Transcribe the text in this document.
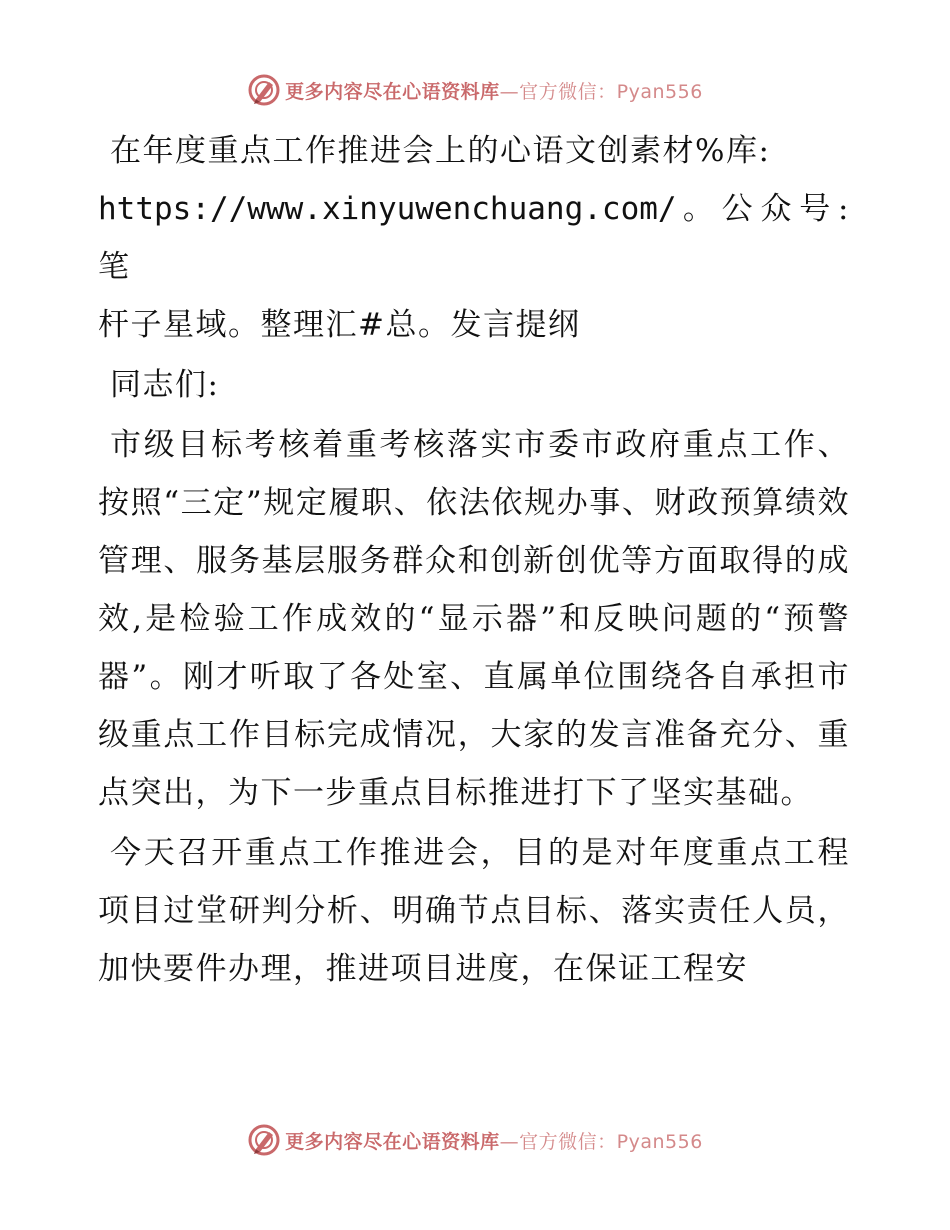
更多内容尽在心语资料库 —官方微信：Pyan556

在年度重点工作推进会上的心语文创素材%库:
https://www.xinyuwenchuang.com/。公众号: 笔
杆子星域。整理汇#总。发言提纲

同志们:

市级目标考核着重考核落实市委市政府重点工作、按照“三定”规定履职、依法依规办事、财政预算绩效管理、服务基层服务群众和创新创优等方面取得的成效,是检验工作成效的“显示器”和反映问题的“预警器”。刚才听取了各处室、直属单位围绕各自承担市级重点工作目标完成情况，大家的发言准备充分、重点突出，为下一步重点目标推进打下了坚实基础。

今天召开重点工作推进会，目的是对年度重点工程项目过堂研判分析、明确节点目标、落实责任人员，加快要件办理，推进项目进度，在保证工程安

更多内容尽在心语资料库 —官方微信：Pyan556
